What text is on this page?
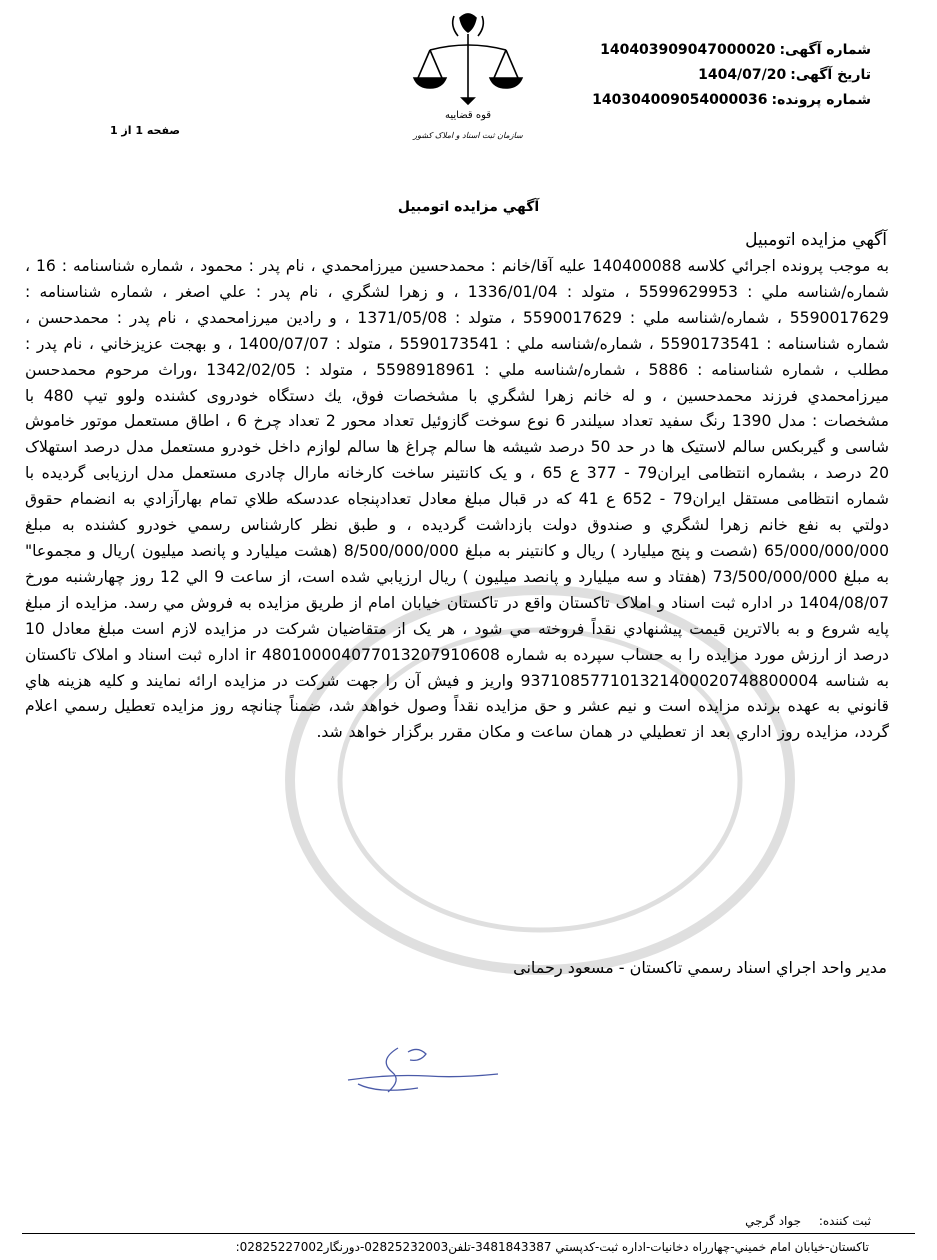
شماره آگهی:
140403909047000020
تاریخ آگهی:
1404/07/20
شماره پرونده:
140304009054000036
قوه قضاییه
سازمان ثبت اسناد و املاک کشور
صفحه 1 از 1
آگهي مزايده اتومبيل
آگهي مزايده اتومبيل
به موجب پرونده اجرائي كلاسه 140400088 عليه آقا/خانم : محمدحسين ميرزامحمدي ، نام پدر : محمود ، شماره شناسنامه : 16 ، شماره/شناسه ملي : 5599629953 ، متولد : 1336/01/04 ، و زهرا لشگري ، نام پدر : علي اصغر ، شماره شناسنامه : 5590017629 ، شماره/شناسه ملي : 5590017629 ، متولد : 1371/05/08 ، و رادين ميرزامحمدي ، نام پدر : محمدحسن ، شماره شناسنامه : 5590173541 ، شماره/شناسه ملي : 5590173541 ، متولد : 1400/07/07 ، و بهجت عزيزخاني ، نام پدر : مطلب ، شماره شناسنامه : 5886 ، شماره/شناسه ملي : 5598918961 ، متولد : 1342/02/05 ،وراث مرحوم محمدحسن ميرزامحمدي فرزند محمدحسين ، و له خانم زهرا لشگري با مشخصات فوق، يك دستگاه خودروی کشنده ولوو تیپ 480 با مشخصات : مدل 1390 رنگ سفید تعداد سیلندر 6 نوع سوخت گازوئیل تعداد محور 2 تعداد چرخ 6 ، اطاق مستعمل موتور خاموش شاسی و گیربکس سالم لاستیک ها در حد 50 درصد شیشه ها سالم چراغ ها سالم لوازم داخل خودرو مستعمل مدل درصد استهلاک 20 درصد ، بشماره انتظامی ایران79 - 377 ع 65 ، و یک کانتینر ساخت کارخانه مارال چادری مستعمل مدل ارزیابی گردیده با شماره انتظامی مستقل ایران79 - 652 ع 41 که در قبال مبلغ معادل تعدادپنجاه عددسکه طلاي تمام بهارآزادي به انضمام حقوق دولتي به نفع خانم زهرا لشگري و صندوق دولت بازداشت گرديده ، و طبق نظر كارشناس رسمي خودرو کشنده به مبلغ 65/000/000/000 (شصت و پنج میلیارد ) ریال و کانتینر به مبلغ 8/500/000/000 (هشت میلیارد و پانصد میلیون )ریال و مجموعا" به مبلغ 73/500/000/000 (هفتاد و سه میلیارد و پانصد میلیون ) ريال ارزيابي شده است، از ساعت 9 الي 12 روز چهارشنبه مورخ 1404/08/07 در اداره ثبت اسناد و املاک تاکستان واقع در تاکستان خیابان امام از طريق مزايده به فروش مي رسد. مزايده از مبلغ پايه شروع و به بالاترين قيمت پيشنهادي نقداً فروخته مي شود ، هر يک از متقاضيان شرکت در مزايده لازم است مبلغ معادل 10 درصد از ارزش مورد مزايده را به حساب سپرده به شماره ir 480100004077013207910608 اداره ثبت اسناد و املاک تاکستان به شناسه 937108577101321400020748800004 واريز و فيش آن را جهت شرکت در مزايده ارائه نمايند و كليه هزينه هاي قانوني به عهده برنده مزايده است و نيم عشر و حق مزايده نقداً وصول خواهد شد، ضمناً چنانچه روز مزايده تعطيل رسمي اعلام گردد، مزايده روز اداري بعد از تعطيلي در همان ساعت و مكان مقرر برگزار خواهد شد.
مدير واحد اجراي اسناد رسمي تاكستان - مسعود رحمانی
ثبت کننده: جواد گرجي
تاكستان-خيابان امام خميني-چهارراه دخانيات-اداره ثبت-كدپستي 3481843387-تلفن02825232003-دورنگار02825227002:
